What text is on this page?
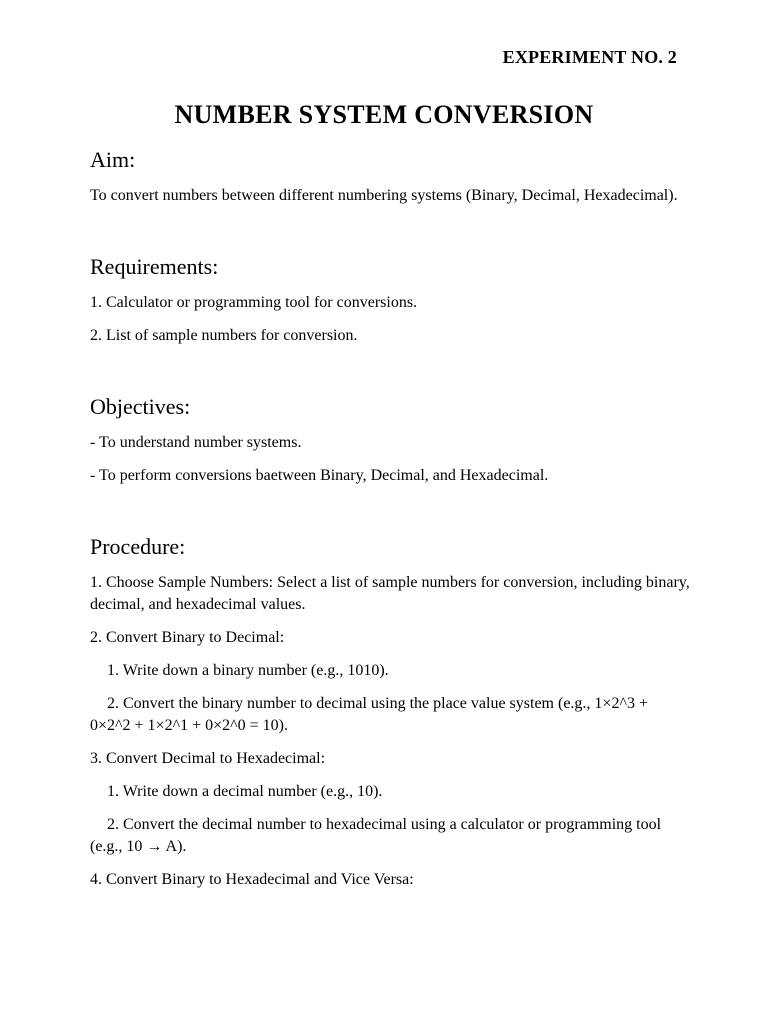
EXPERIMENT NO. 2
NUMBER SYSTEM CONVERSION

Aim:

To convert numbers between different numbering systems (Binary, Decimal, Hexadecimal).

Requirements:

1. Calculator or programming tool for conversions.

2. List of sample numbers for conversion.

Objectives:

- To understand number systems.

- To perform conversions baetween Binary, Decimal, and Hexadecimal.

Procedure:

1. Choose Sample Numbers: Select a list of sample numbers for conversion, including binary, decimal, and hexadecimal values.

2. Convert Binary to Decimal:

1. Write down a binary number (e.g., 1010).

2. Convert the binary number to decimal using the place value system (e.g., 1×2^3 + 0×2^2 + 1×2^1 + 0×2^0 = 10).

3. Convert Decimal to Hexadecimal:

1. Write down a decimal number (e.g., 10).

2. Convert the decimal number to hexadecimal using a calculator or programming tool (e.g., 10 → A).

4. Convert Binary to Hexadecimal and Vice Versa:
